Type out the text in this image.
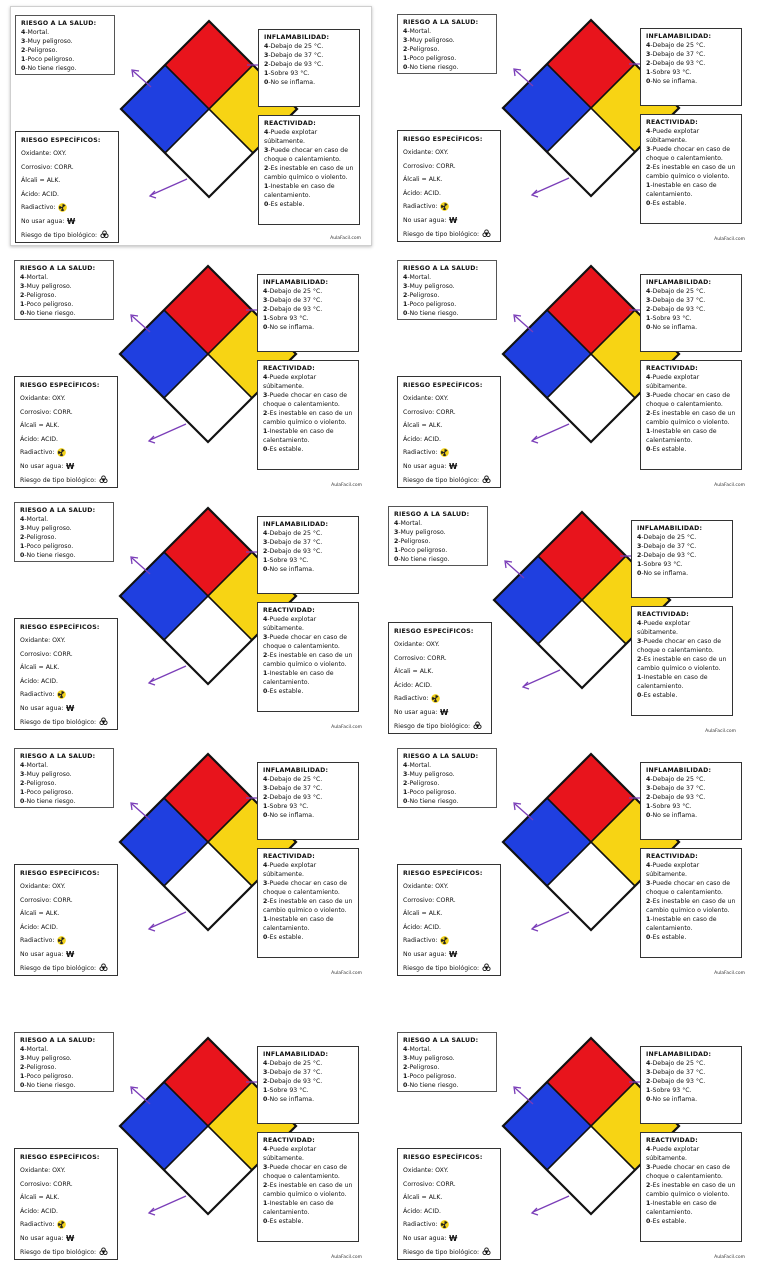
RIESGO A LA SALUD:
4-Mortal.
3-Muy peligroso.
2-Peligroso.
1-Poco peligroso.
0-No tiene riesgo.
INFLAMABILIDAD:
4-Debajo de 25 °C.
3-Debajo de 37 °C.
2-Debajo de 93 °C.
1-Sobre 93 °C.
0-No se inflama.
REACTIVIDAD:
4-Puede explotar súbitamente.
3-Puede chocar en caso de choque o calentamiento.
2-Es inestable en caso de un cambio químico o violento.
1-Inestable en caso de calentamiento.
0-Es estable.
RIESGO ESPECÍFICOS:
Oxidante: OXY.
Corrosivo: CORR.
Álcali = ALK.
Ácido: ACID.
Radiactivo:
No usar agua: W
Riesgo de tipo biológico:	AulaFacil.com
RIESGO A LA SALUD:
4-Mortal.
3-Muy peligroso.
2-Peligroso.
1-Poco peligroso.
0-No tiene riesgo.
INFLAMABILIDAD:
4-Debajo de 25 °C.
3-Debajo de 37 °C.
2-Debajo de 93 °C.
1-Sobre 93 °C.
0-No se inflama.
REACTIVIDAD:
4-Puede explotar súbitamente.
3-Puede chocar en caso de choque o calentamiento.
2-Es inestable en caso de un cambio químico o violento.
1-Inestable en caso de calentamiento.
0-Es estable.
RIESGO ESPECÍFICOS:
Oxidante: OXY.
Corrosivo: CORR.
Álcali = ALK.
Ácido: ACID.
Radiactivo:
No usar agua: W
Riesgo de tipo biológico:
AulaFacil.com
RIESGO A LA SALUD:
4-Mortal.
3-Muy peligroso.
2-Peligroso.
1-Poco peligroso.
0-No tiene riesgo.
INFLAMABILIDAD:
4-Debajo de 25 °C.
3-Debajo de 37 °C.
2-Debajo de 93 °C.
1-Sobre 93 °C.
0-No se inflama.
REACTIVIDAD:
4-Puede explotar súbitamente.
3-Puede chocar en caso de choque o calentamiento.
2-Es inestable en caso de un cambio químico o violento.
1-Inestable en caso de calentamiento.
0-Es estable.
RIESGO ESPECÍFICOS:
Oxidante: OXY.
Corrosivo: CORR.
Álcali = ALK.
Ácido: ACID.
Radiactivo:
No usar agua: W
Riesgo de tipo biológico:
AulaFacil.com
RIESGO A LA SALUD:
4-Mortal.
3-Muy peligroso.
2-Peligroso.
1-Poco peligroso.
0-No tiene riesgo.
INFLAMABILIDAD:
4-Debajo de 25 °C.
3-Debajo de 37 °C.
2-Debajo de 93 °C.
1-Sobre 93 °C.
0-No se inflama.
REACTIVIDAD:
4-Puede explotar súbitamente.
3-Puede chocar en caso de choque o calentamiento.
2-Es inestable en caso de un cambio químico o violento.
1-Inestable en caso de calentamiento.
0-Es estable.
RIESGO ESPECÍFICOS:
Oxidante: OXY.
Corrosivo: CORR.
Álcali = ALK.
Ácido: ACID.
Radiactivo:
No usar agua: W
Riesgo de tipo biológico:
AulaFacil.com
RIESGO A LA SALUD:
4-Mortal.
3-Muy peligroso.
2-Peligroso.
1-Poco peligroso.
0-No tiene riesgo.
INFLAMABILIDAD:
4-Debajo de 25 °C.
3-Debajo de 37 °C.
2-Debajo de 93 °C.
1-Sobre 93 °C.
0-No se inflama.
REACTIVIDAD:
4-Puede explotar súbitamente.
3-Puede chocar en caso de choque o calentamiento.
2-Es inestable en caso de un cambio químico o violento.
1-Inestable en caso de calentamiento.
0-Es estable.
RIESGO ESPECÍFICOS:
Oxidante: OXY.
Corrosivo: CORR.
Álcali = ALK.
Ácido: ACID.
Radiactivo:
No usar agua: W
Riesgo de tipo biológico:
AulaFacil.com
RIESGO A LA SALUD:
4-Mortal.
3-Muy peligroso.
2-Peligroso.
1-Poco peligroso.
0-No tiene riesgo.
INFLAMABILIDAD:
4-Debajo de 25 °C.
3-Debajo de 37 °C.
2-Debajo de 93 °C.
1-Sobre 93 °C.
0-No se inflama.
REACTIVIDAD:
4-Puede explotar súbitamente.
3-Puede chocar en caso de choque o calentamiento.
2-Es inestable en caso de un cambio químico o violento.
1-Inestable en caso de calentamiento.
0-Es estable.
RIESGO ESPECÍFICOS:
Oxidante: OXY.
Corrosivo: CORR.
Álcali = ALK.
Ácido: ACID.
Radiactivo:
No usar agua: W
Riesgo de tipo biológico:
AulaFacil.com
RIESGO A LA SALUD:
4-Mortal.
3-Muy peligroso.
2-Peligroso.
1-Poco peligroso.
0-No tiene riesgo.
INFLAMABILIDAD:
4-Debajo de 25 °C.
3-Debajo de 37 °C.
2-Debajo de 93 °C.
1-Sobre 93 °C.
0-No se inflama.
REACTIVIDAD:
4-Puede explotar súbitamente.
3-Puede chocar en caso de choque o calentamiento.
2-Es inestable en caso de un cambio químico o violento.
1-Inestable en caso de calentamiento.
0-Es estable.
RIESGO ESPECÍFICOS:
Oxidante: OXY.
Corrosivo: CORR.
Álcali = ALK.
Ácido: ACID.
Radiactivo:
No usar agua: W
Riesgo de tipo biológico:
AulaFacil.com
RIESGO A LA SALUD:
4-Mortal.
3-Muy peligroso.
2-Peligroso.
1-Poco peligroso.
0-No tiene riesgo.
INFLAMABILIDAD:
4-Debajo de 25 °C.
3-Debajo de 37 °C.
2-Debajo de 93 °C.
1-Sobre 93 °C.
0-No se inflama.
REACTIVIDAD:
4-Puede explotar súbitamente.
3-Puede chocar en caso de choque o calentamiento.
2-Es inestable en caso de un cambio químico o violento.
1-Inestable en caso de calentamiento.
0-Es estable.
RIESGO ESPECÍFICOS:
Oxidante: OXY.
Corrosivo: CORR.
Álcali = ALK.
Ácido: ACID.
Radiactivo:
No usar agua: W
Riesgo de tipo biológico:
AulaFacil.com
RIESGO A LA SALUD:
4-Mortal.
3-Muy peligroso.
2-Peligroso.
1-Poco peligroso.
0-No tiene riesgo.
INFLAMABILIDAD:
4-Debajo de 25 °C.
3-Debajo de 37 °C.
2-Debajo de 93 °C.
1-Sobre 93 °C.
0-No se inflama.
REACTIVIDAD:
4-Puede explotar súbitamente.
3-Puede chocar en caso de choque o calentamiento.
2-Es inestable en caso de un cambio químico o violento.
1-Inestable en caso de calentamiento.
0-Es estable.
RIESGO ESPECÍFICOS:
Oxidante: OXY.
Corrosivo: CORR.
Álcali = ALK.
Ácido: ACID.
Radiactivo:
No usar agua: W
Riesgo de tipo biológico:
AulaFacil.com
RIESGO A LA SALUD:
4-Mortal.
3-Muy peligroso.
2-Peligroso.
1-Poco peligroso.
0-No tiene riesgo.
INFLAMABILIDAD:
4-Debajo de 25 °C.
3-Debajo de 37 °C.
2-Debajo de 93 °C.
1-Sobre 93 °C.
0-No se inflama.
REACTIVIDAD:
4-Puede explotar súbitamente.
3-Puede chocar en caso de choque o calentamiento.
2-Es inestable en caso de un cambio químico o violento.
1-Inestable en caso de calentamiento.
0-Es estable.
RIESGO ESPECÍFICOS:
Oxidante: OXY.
Corrosivo: CORR.
Álcali = ALK.
Ácido: ACID.
Radiactivo:
No usar agua: W
Riesgo de tipo biológico:
AulaFacil.com
